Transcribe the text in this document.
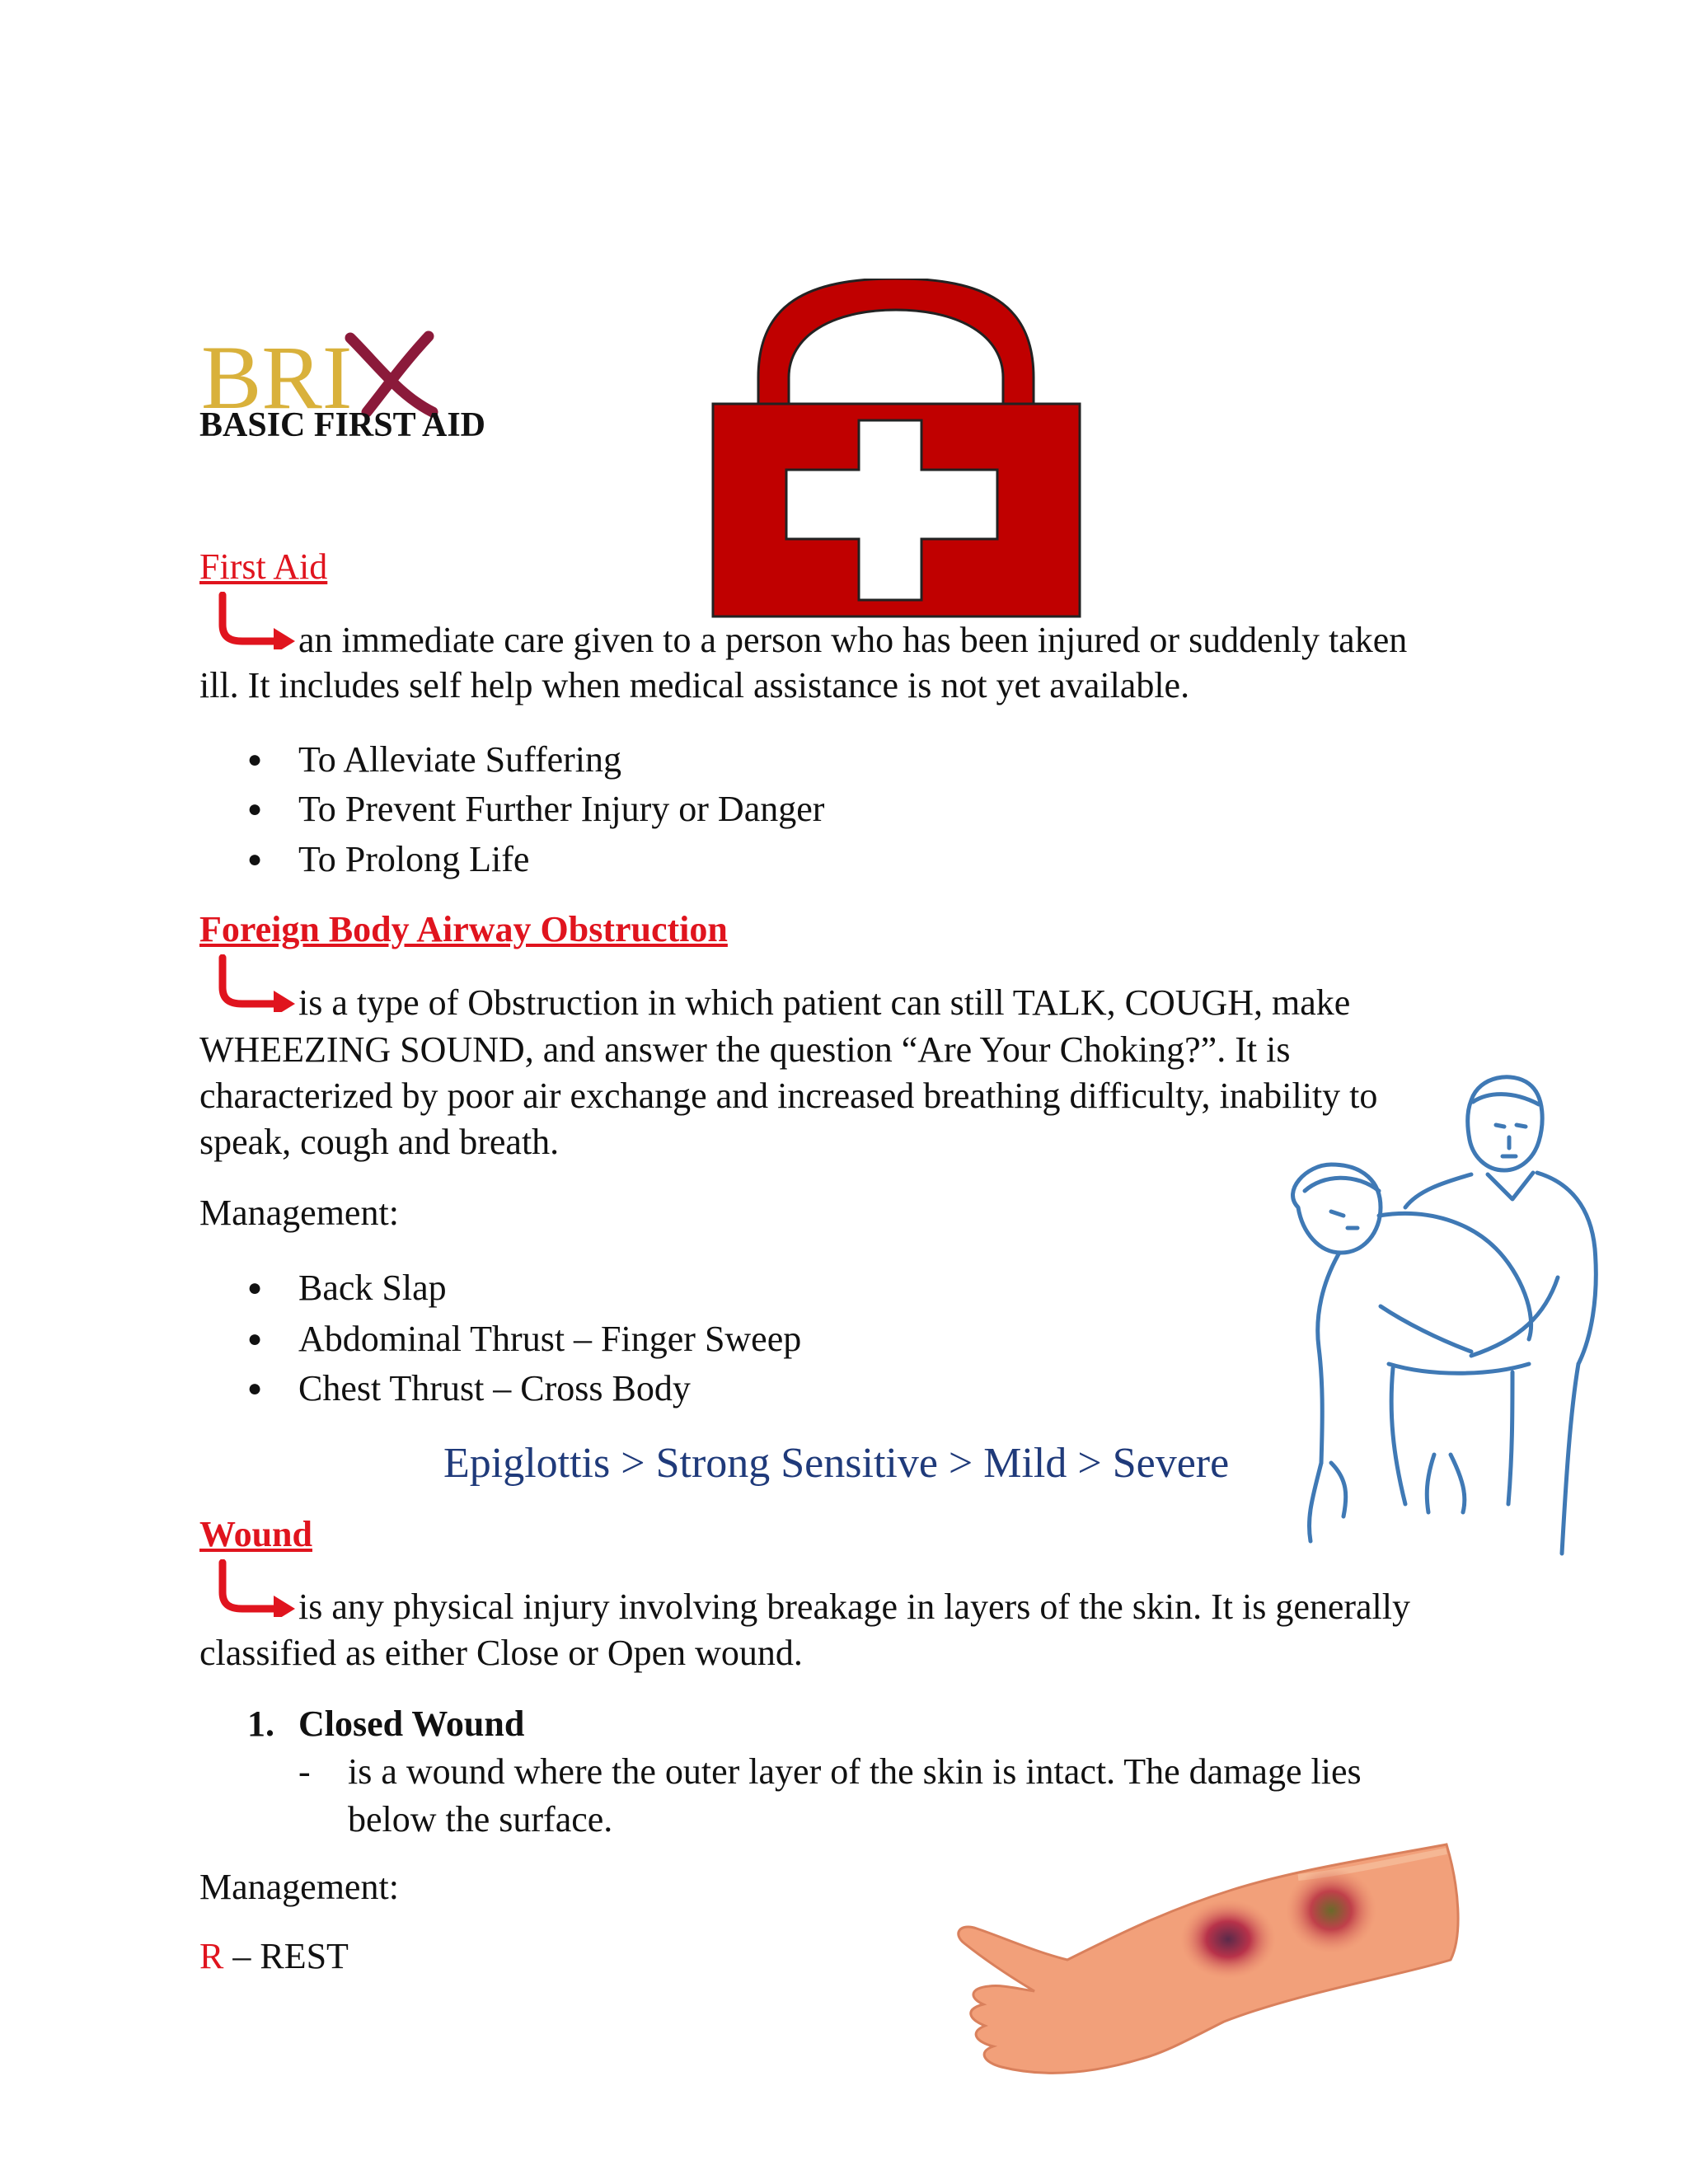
BRI
BASIC FIRST AID
First Aid
an immediate care given to a person who has been injured or suddenly taken
ill. It includes self help when medical assistance is not yet available.
● To Alleviate Suffering
● To Prevent Further Injury or Danger
● To Prolong Life
Foreign Body Airway Obstruction
is a type of Obstruction in which patient can still TALK, COUGH, make
WHEEZING SOUND, and answer the question “Are Your Choking?”. It is
characterized by poor air exchange and increased breathing difficulty, inability to
speak, cough and breath.
Management:
● Back Slap
● Abdominal Thrust – Finger Sweep
● Chest Thrust – Cross Body
Epiglottis > Strong Sensitive > Mild > Severe
Wound
is any physical injury involving breakage in layers of the skin. It is generally
classified as either Close or Open wound.
1. Closed Wound
- is a wound where the outer layer of the skin is intact. The damage lies
below the surface.
Management:
R – REST
